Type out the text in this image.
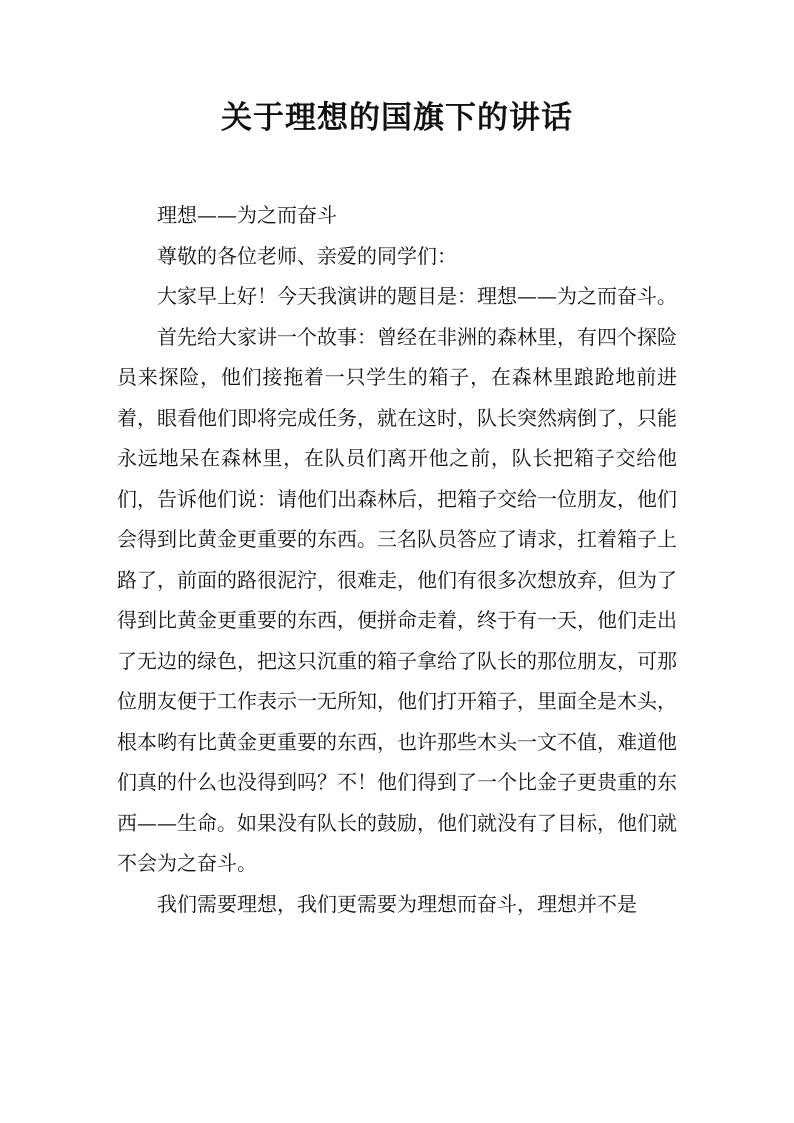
关于理想的国旗下的讲话

理想——为之而奋斗

尊敬的各位老师、亲爱的同学们：

大家早上好！今天我演讲的题目是：理想——为之而奋斗。

首先给大家讲一个故事：曾经在非洲的森林里，有四个探险员来探险，他们接拖着一只学生的箱子，在森林里踉跄地前进着，眼看他们即将完成任务，就在这时，队长突然病倒了，只能永远地呆在森林里，在队员们离开他之前，队长把箱子交给他们，告诉他们说：请他们出森林后，把箱子交给一位朋友，他们会得到比黄金更重要的东西。三名队员答应了请求，扛着箱子上路了，前面的路很泥泞，很难走，他们有很多次想放弃，但为了得到比黄金更重要的东西，便拼命走着，终于有一天，他们走出了无边的绿色，把这只沉重的箱子拿给了队长的那位朋友，可那位朋友便于工作表示一无所知，他们打开箱子，里面全是木头，根本哟有比黄金更重要的东西，也许那些木头一文不值，难道他们真的什么也没得到吗？不！他们得到了一个比金子更贵重的东西——生命。如果没有队长的鼓励，他们就没有了目标，他们就不会为之奋斗。

我们需要理想，我们更需要为理想而奋斗，理想并不是
